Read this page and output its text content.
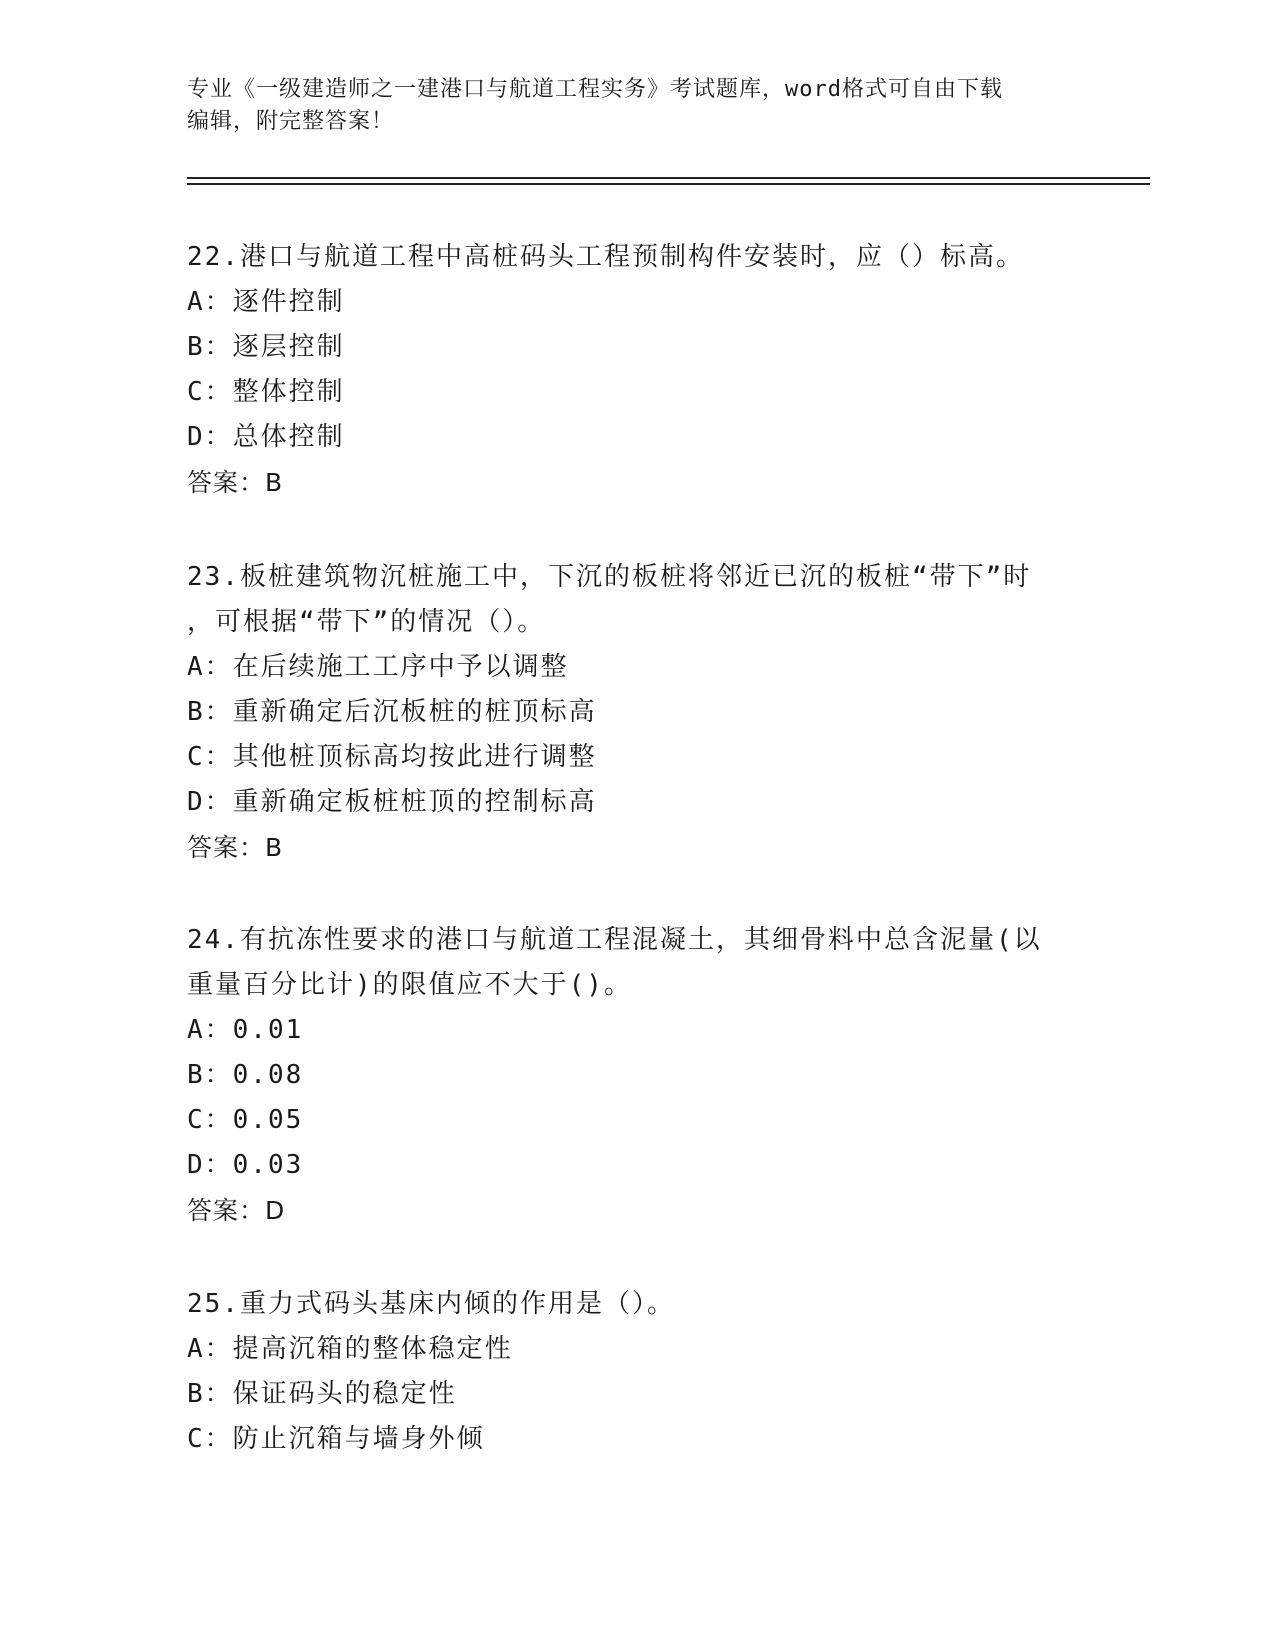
专业《一级建造师之一建港口与航道工程实务》考试题库，word格式可自由下载
编辑，附完整答案！
22.港口与航道工程中高桩码头工程预制构件安装时，应（）标高。
A：逐件控制
B：逐层控制
C：整体控制
D：总体控制
答案：B
23.板桩建筑物沉桩施工中，下沉的板桩将邻近已沉的板桩“带下”时
，可根据“带下”的情况（）。
A：在后续施工工序中予以调整
B：重新确定后沉板桩的桩顶标高
C：其他桩顶标高均按此进行调整
D：重新确定板桩桩顶的控制标高
答案：B
24.有抗冻性要求的港口与航道工程混凝土，其细骨料中总含泥量(以
重量百分比计)的限值应不大于()。
A：0.01
B：0.08
C：0.05
D：0.03
答案：D
25.重力式码头基床内倾的作用是（）。
A：提高沉箱的整体稳定性
B：保证码头的稳定性
C：防止沉箱与墙身外倾
